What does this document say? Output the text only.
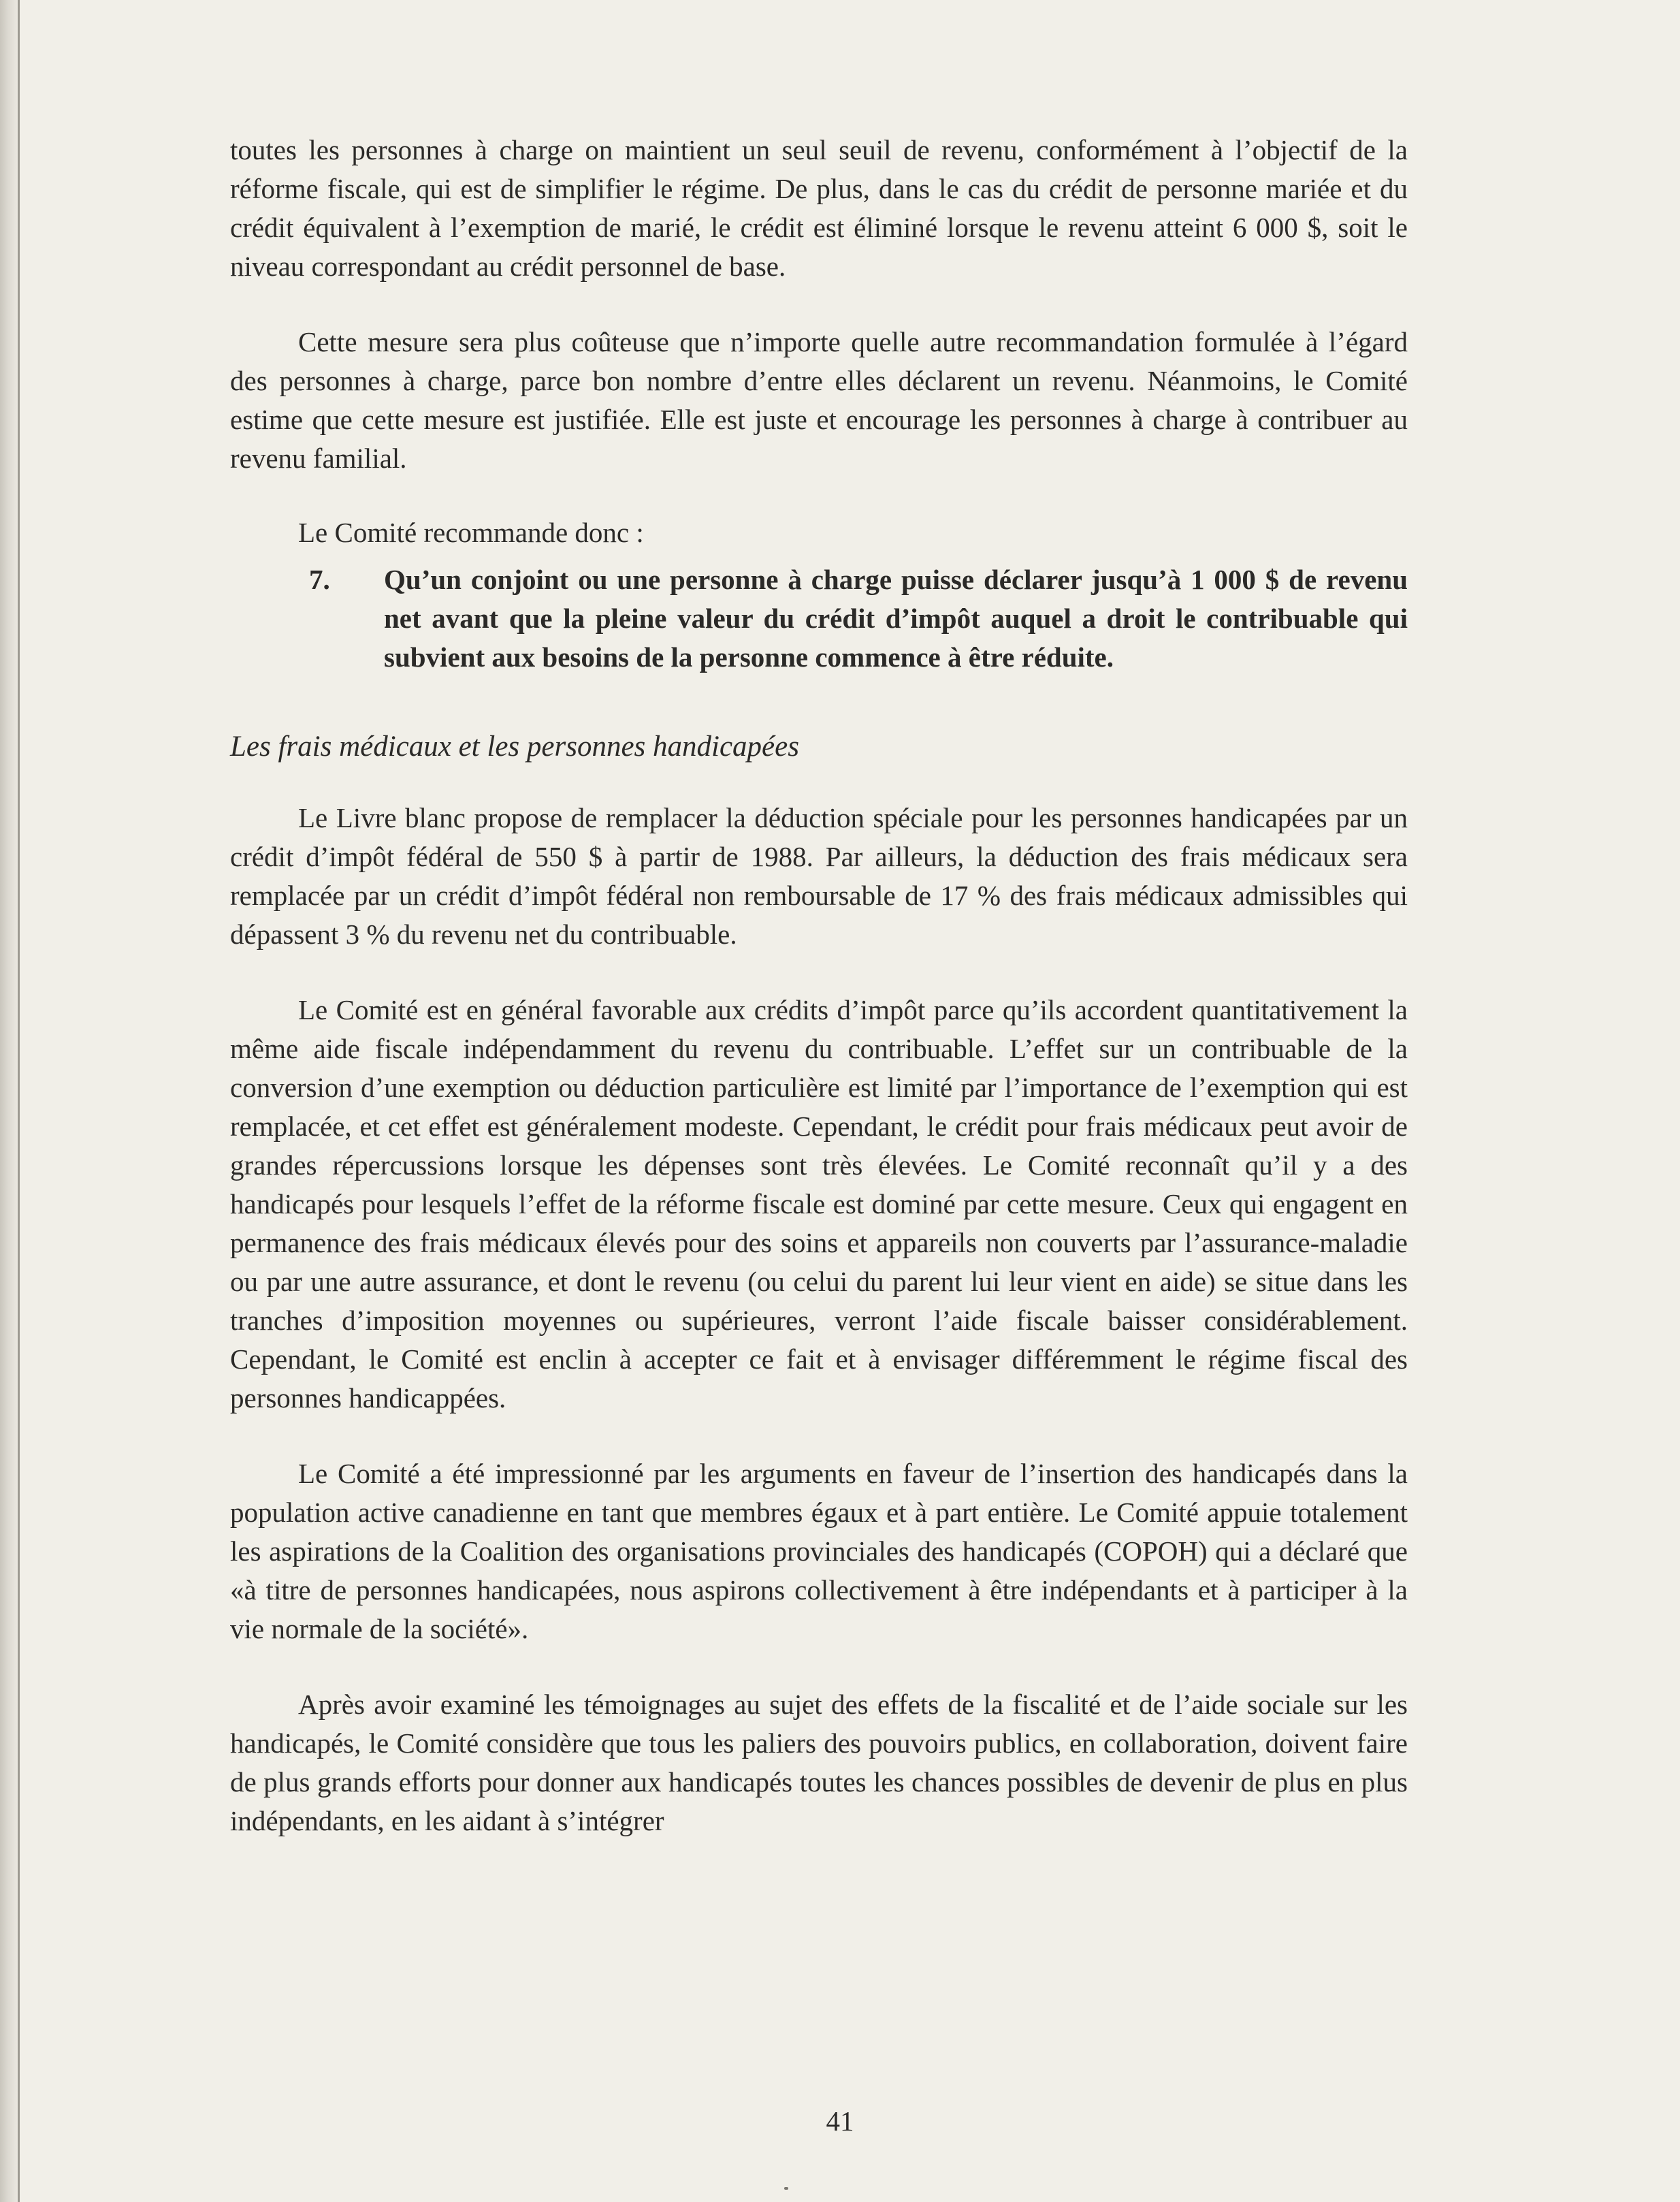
toutes les personnes à charge on maintient un seul seuil de revenu, conformément à l’objectif de la réforme fiscale, qui est de simplifier le régime. De plus, dans le cas du crédit de personne mariée et du crédit équivalent à l’exemption de marié, le crédit est éliminé lorsque le revenu atteint 6 000 $, soit le niveau correspondant au crédit personnel de base.

Cette mesure sera plus coûteuse que n’importe quelle autre recommandation formulée à l’égard des personnes à charge, parce bon nombre d’entre elles déclarent un revenu. Néanmoins, le Comité estime que cette mesure est justifiée. Elle est juste et encourage les personnes à charge à contribuer au revenu familial.

Le Comité recommande donc :

7.	Qu’un conjoint ou une personne à charge puisse déclarer jusqu’à 1 000 $ de revenu net avant que la pleine valeur du crédit d’impôt auquel a droit le contribuable qui subvient aux besoins de la personne commence à être réduite.
Les frais médicaux et les personnes handicapées

Le Livre blanc propose de remplacer la déduction spéciale pour les personnes handicapées par un crédit d’impôt fédéral de 550 $ à partir de 1988. Par ailleurs, la déduction des frais médicaux sera remplacée par un crédit d’impôt fédéral non remboursable de 17 % des frais médicaux admissibles qui dépassent 3 % du revenu net du contribuable.

Le Comité est en général favorable aux crédits d’impôt parce qu’ils accordent quantitativement la même aide fiscale indépendamment du revenu du contribuable. L’effet sur un contribuable de la conversion d’une exemption ou déduction particulière est limité par l’importance de l’exemption qui est remplacée, et cet effet est généralement modeste. Cependant, le crédit pour frais médicaux peut avoir de grandes répercussions lorsque les dépenses sont très élevées. Le Comité reconnaît qu’il y a des handicapés pour lesquels l’effet de la réforme fiscale est dominé par cette mesure. Ceux qui engagent en permanence des frais médicaux élevés pour des soins et appareils non couverts par l’assurance-maladie ou par une autre assurance, et dont le revenu (ou celui du parent lui leur vient en aide) se situe dans les tranches d’imposition moyennes ou supérieures, verront l’aide fiscale baisser considérablement. Cependant, le Comité est enclin à accepter ce fait et à envisager différemment le régime fiscal des personnes handicappées.

Le Comité a été impressionné par les arguments en faveur de l’insertion des handicapés dans la population active canadienne en tant que membres égaux et à part entière. Le Comité appuie totalement les aspirations de la Coalition des organisations provinciales des handicapés (COPOH) qui a déclaré que «à titre de personnes handicapées, nous aspirons collectivement à être indépendants et à participer à la vie normale de la société».

Après avoir examiné les témoignages au sujet des effets de la fiscalité et de l’aide sociale sur les handicapés, le Comité considère que tous les paliers des pouvoirs publics, en collaboration, doivent faire de plus grands efforts pour donner aux handicapés toutes les chances possibles de devenir de plus en plus indépendants, en les aidant à s’intégrer

41
